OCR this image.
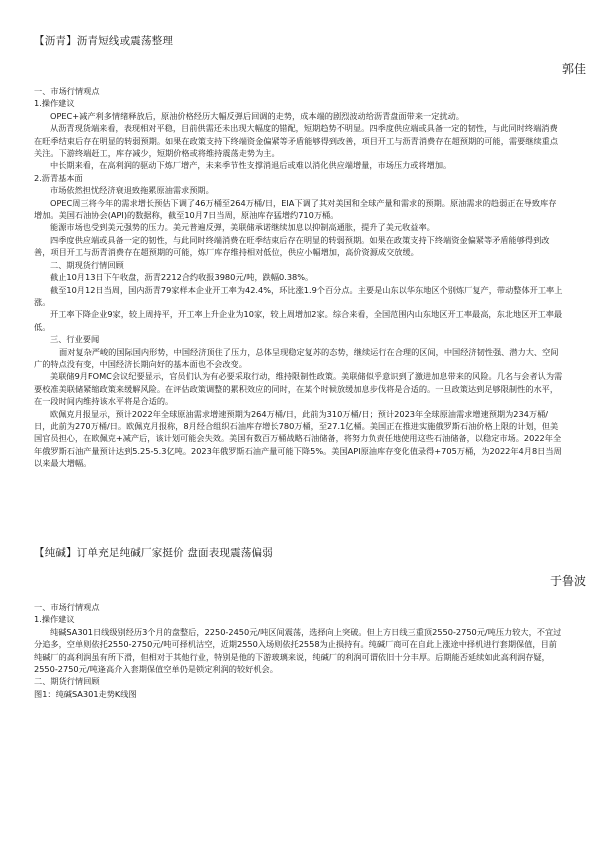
【沥青】沥青短线或震荡整理
郭佳

一、市场行情观点

1.操作建议

OPEC+减产利多情绪释放后，原油价格经历大幅反弹后回调的走势，成本端的剧烈波动给沥青盘面带来一定扰动。

从沥青现货端来看，表现相对平稳，目前供需还未出现大幅度的错配，短期趋势不明显。四季度供应端或具备一定的韧性，与此同时终端消费在旺季结束后存在明显的转弱预期。如果在政策支持下终端资金偏紧等矛盾能够得到改善，项目开工与沥青消费存在超预期的可能，需要继续重点关注。下游终端赶工，库存减少，短期价格或将维持震荡走势为主。

中长期来看，在高利润的驱动下炼厂增产，未来季节性支撑消退后或难以消化供应端增量，市场压力或将增加。

2.沥青基本面

市场依然担忧经济衰退致拖累原油需求预期。

OPEC周三将今年的需求增长预估下调了46万桶至264万桶/日，EIA下调了其对美国和全球产量和需求的预期。原油需求的趋弱正在导致库存增加。美国石油协会(API)的数据称，截至10月7日当周，原油库存猛增约710万桶。

能源市场也受到美元强势的压力。美元普遍反弹，美联储承诺继续加息以抑制高通胀，提升了美元收益率。

四季度供应端或具备一定的韧性，与此同时终端消费在旺季结束后存在明显的转弱预期。如果在政策支持下终端资金偏紧等矛盾能够得到改善，项目开工与沥青消费存在超预期的可能，炼厂库存维持相对低位，供应小幅增加，高价资源成交放缓。

二、期现货行情回顾

截止10月13日下午收盘，沥青2212合约收报3980元/吨，跌幅0.38%。

截至10月12日当周，国内沥青79家样本企业开工率为42.4%，环比涨1.9个百分点。主要是山东以华东地区个别炼厂复产，带动整体开工率上涨。

开工率下降企业9家，较上周持平，开工率上升企业为10家，较上周增加2家。综合来看，全国范围内山东地区开工率最高，东北地区开工率最低。

三、行业要闻

面对复杂严峻的国际国内形势，中国经济顶住了压力，总体呈现稳定复苏的态势，继续运行在合理的区间，中国经济韧性强、潜力大、空间广的特点没有变，中国经济长期向好的基本面也不会改变。

美联储9月FOMC会议纪要显示，官员们认为有必要采取行动，维持限制性政策。美联储似乎意识到了激进加息带来的风险。几名与会者认为需要校准美联储紧缩政策来缓解风险。在评估政策调整的累积效应的同时，在某个时候放缓加息步伐将是合适的。一旦政策达到足够限制性的水平，在一段时间内维持该水平将是合适的。

欧佩克月报显示，预计2022年全球原油需求增速预期为264万桶/日，此前为310万桶/日；预计2023年全球原油需求增速预期为234万桶/日，此前为270万桶/日。欧佩克月报称，8月经合组织石油库存增长780万桶，至27.1亿桶。美国正在推进实施俄罗斯石油价格上限的计划，但美国官员担心，在欧佩克+减产后，该计划可能会失效。美国有数百万桶战略石油储备，将努力负责任地使用这些石油储备，以稳定市场。2022年全年俄罗斯石油产量预计达到5.25-5.3亿吨。2023年俄罗斯石油产量可能下降5%。美国API原油库存变化值录得+705万桶，为2022年4月8日当周以来最大增幅。

【纯碱】订单充足纯碱厂家挺价 盘面表现震荡偏弱
于鲁波

一、市场行情观点

1.操作建议

纯碱SA301日线级别经历3个月的盘整后，2250-2450元/吨区间震荡，选择向上突破。但上方日线三重顶2550-2750元/吨压力较大，不宜过分追多，空单则依托2550-2750元/吨可择机沽空，近期2550入场则依托2558为止损持有。纯碱厂商可在自此上涨途中择机进行套期保值，目前纯碱厂的高利润虽有所下滑，但相对于其他行业，特别是他的下游玻璃来说，纯碱厂的利润可谓依旧十分丰厚。后期能否延续如此高利润存疑，2550-2750元/吨逢高介入套期保值空单仍是锁定利润的较好机会。

二、期货行情回顾

图1：纯碱SA301走势K线图
